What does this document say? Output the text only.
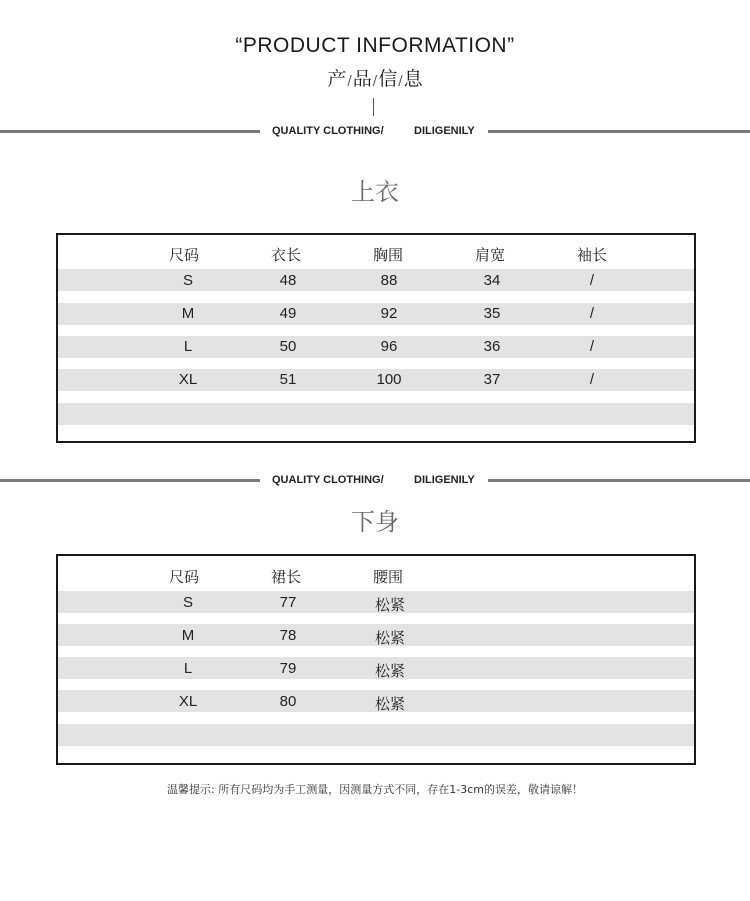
“PRODUCT INFORMATION”
产/品/信/息
QUALITY CLOTHING/	DILIGENILY
上衣
尺码	衣长	胸围	肩宽	袖长
S	48	88	34	/
M	49	92	35	/
L	50	96	36	/
XL	51	100	37	/
QUALITY CLOTHING/	DILIGENILY
下身
尺码	裙长	腰围
S	77	松紧
M	78	松紧
L	79	松紧
XL	80	松紧
温馨提示: 所有尺码均为手工测量，因测量方式不同，存在1-3cm的误差，敬请谅解！
